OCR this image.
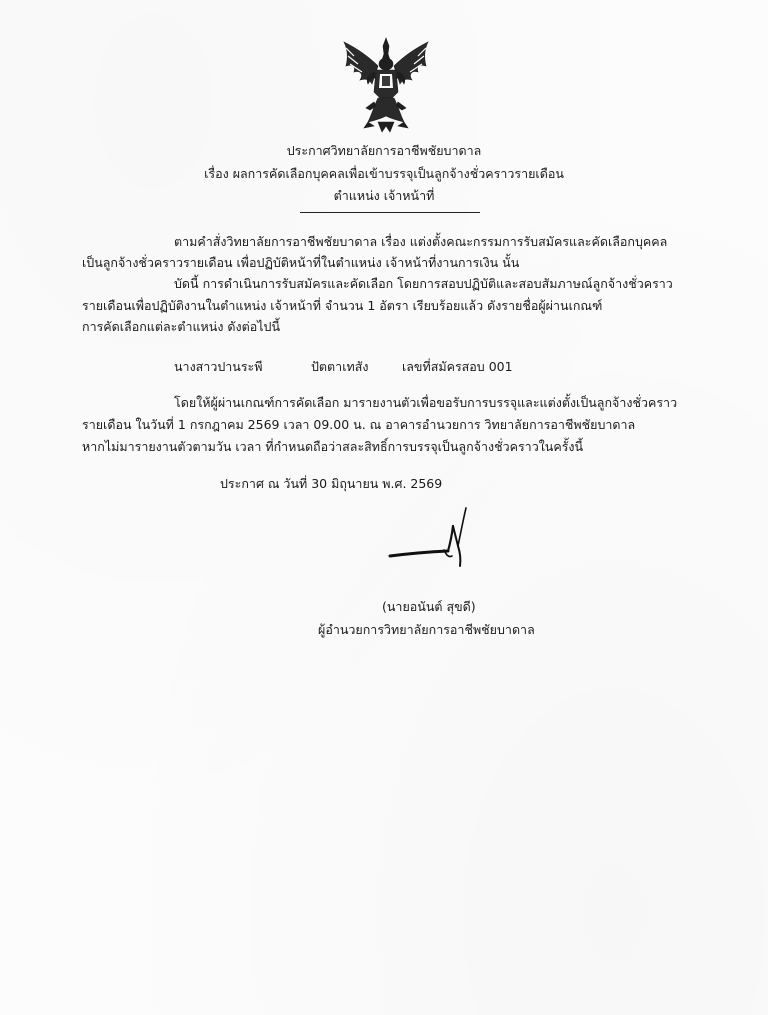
ประกาศวิทยาลัยการอาชีพชัยบาดาล
เรื่อง ผลการคัดเลือกบุคคลเพื่อเข้าบรรจุเป็นลูกจ้างชั่วคราวรายเดือน
ตำแหน่ง เจ้าหน้าที่
ตามคำสั่งวิทยาลัยการอาชีพชัยบาดาล เรื่อง แต่งตั้งคณะกรรมการรับสมัครและคัดเลือกบุคคล
เป็นลูกจ้างชั่วคราวรายเดือน เพื่อปฏิบัติหน้าที่ในตำแหน่ง เจ้าหน้าที่งานการเงิน นั้น
บัดนี้ การดำเนินการรับสมัครและคัดเลือก โดยการสอบปฏิบัติและสอบสัมภาษณ์ลูกจ้างชั่วคราว
รายเดือนเพื่อปฏิบัติงานในตำแหน่ง เจ้าหน้าที่ จำนวน 1 อัตรา เรียบร้อยแล้ว ดังรายชื่อผู้ผ่านเกณฑ์
การคัดเลือกแต่ละตำแหน่ง ดังต่อไปนี้
นางสาวปานระพี	ปัตตาเทสัง	เลขที่สมัครสอบ 001
โดยให้ผู้ผ่านเกณฑ์การคัดเลือก มารายงานตัวเพื่อขอรับการบรรจุและแต่งตั้งเป็นลูกจ้างชั่วคราว
รายเดือน ในวันที่ 1 กรกฎาคม 2569 เวลา 09.00 น. ณ อาคารอำนวยการ วิทยาลัยการอาชีพชัยบาดาล
หากไม่มารายงานตัวตามวัน เวลา ที่กำหนดถือว่าสละสิทธิ์การบรรจุเป็นลูกจ้างชั่วคราวในครั้งนี้
ประกาศ ณ วันที่ 30 มิถุนายน พ.ศ. 2569
(นายอนันต์ สุขดี)
ผู้อำนวยการวิทยาลัยการอาชีพชัยบาดาล
